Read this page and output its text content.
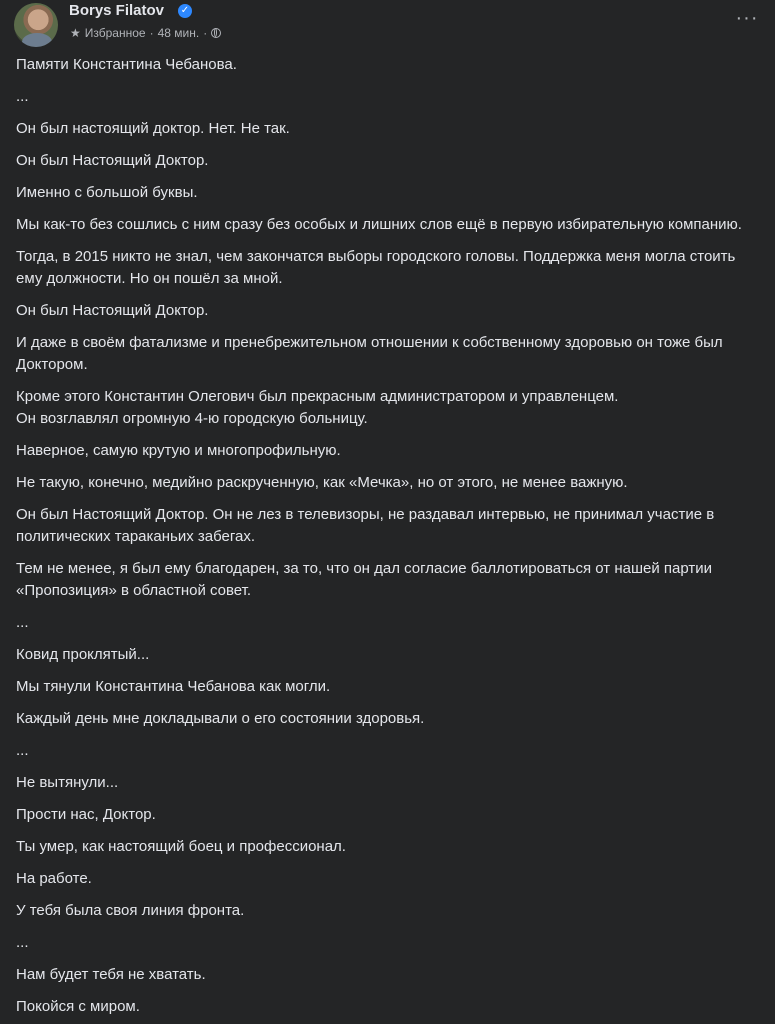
Borys Filatov ✓
★ Избранное · 48 мин. ·
···

Памяти Константина Чебанова.

...

Он был настоящий доктор. Нет. Не так.

Он был Настоящий Доктор.

Именно с большой буквы.

Мы как-то без сошлись с ним сразу без особых и лишних слов ещё в первую избирательную компанию.

Тогда, в 2015 никто не знал, чем закончатся выборы городского головы. Поддержка меня могла стоить ему должности. Но он пошёл за мной.

Он был Настоящий Доктор.

И даже в своём фатализме и пренебрежительном отношении к собственному здоровью он тоже был Доктором.

Кроме этого Константин Олегович был прекрасным администратором и управленцем.
Он возглавлял огромную 4-ю городскую больницу.

Наверное, самую крутую и многопрофильную.

Не такую, конечно, медийно раскрученную, как «Мечка», но от этого, не менее важную.

Он был Настоящий Доктор. Он не лез в телевизоры, не раздавал интервью, не принимал участие в политических тараканьих забегах.

Тем не менее, я был ему благодарен, за то, что он дал согласие баллотироваться от нашей партии «Пропозиция» в областной совет.

...

Ковид проклятый...

Мы тянули Константина Чебанова как могли.

Каждый день мне докладывали о его состоянии здоровья.

...

Не вытянули...

Прости нас, Доктор.

Ты умер, как настоящий боец и профессионал.

На работе.

У тебя была своя линия фронта.

...

Нам будет тебя не хватать.

Покойся с миром.
